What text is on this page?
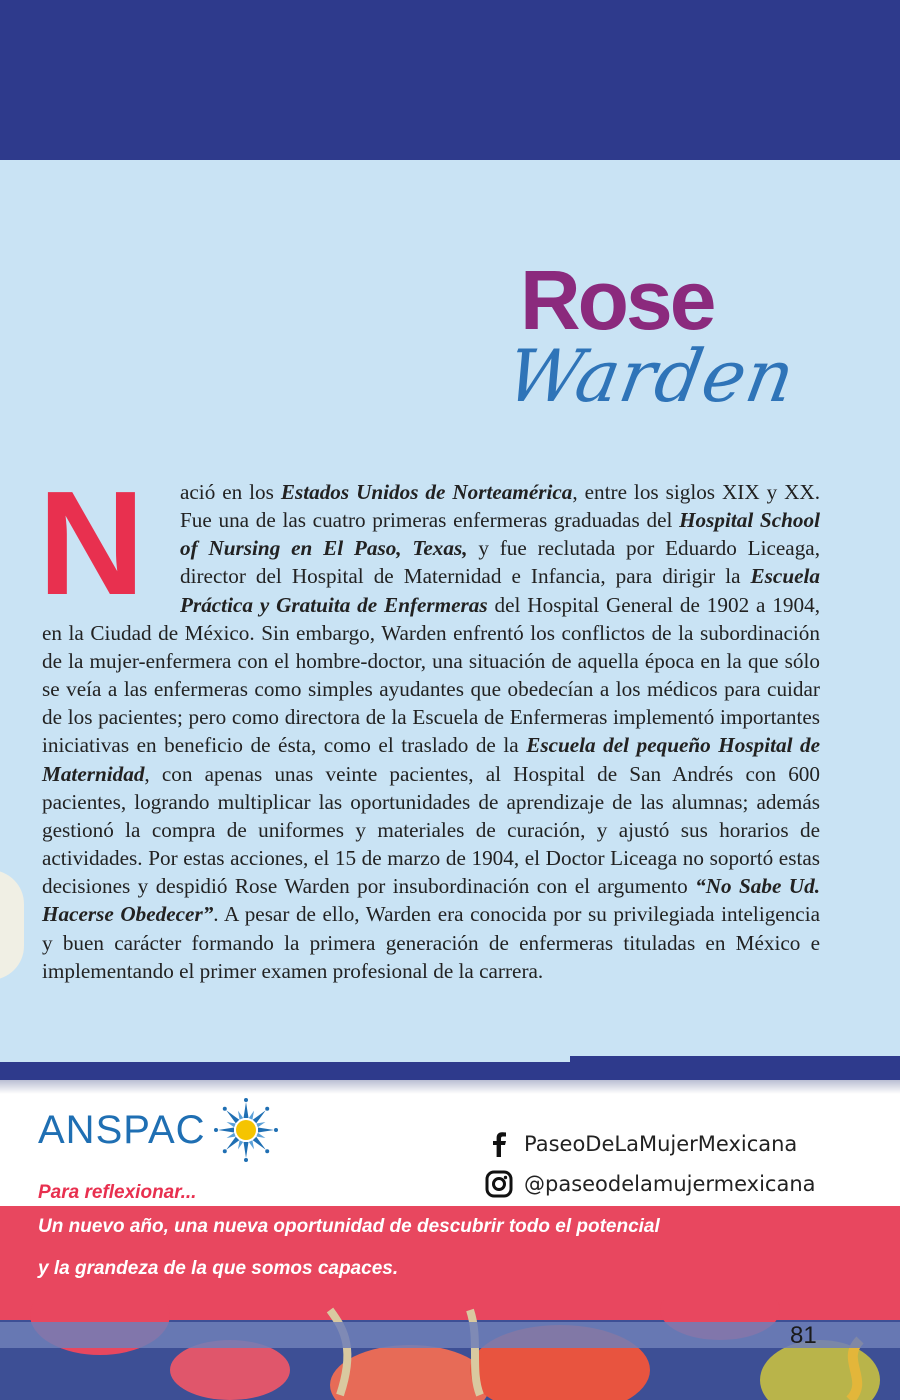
Rose
Warden
N	ació en los Estados Unidos de Norteamérica, entre los siglos XIX y XX. Fue una de las cuatro primeras enfermeras graduadas del Hospital School of Nursing en El Paso, Texas, y fue reclutada por Eduardo Liceaga, director del Hospital de Maternidad e Infancia, para dirigir la Escuela Práctica y Gratuita de Enfermeras del Hospital General de 1902 a 1904, en la Ciudad de México. Sin embargo, Warden enfrentó los conflictos de la subordinación de la mujer-enfermera con el hombre-doctor, una situación de aquella época en la que sólo se veía a las enfermeras como simples ayudantes que obedecían a los médicos para cuidar de los pacientes; pero como directora de la Escuela de Enfermeras implementó importantes iniciativas en beneficio de ésta, como el traslado de la Escuela del pequeño Hospital de Maternidad, con apenas unas veinte pacientes, al Hospital de San Andrés con 600 pacientes, logrando multiplicar las oportunidades de aprendizaje de las alumnas; además gestionó la compra de uniformes y materiales de curación, y ajustó sus horarios de actividades. Por estas acciones, el 15 de marzo de 1904, el Doctor Liceaga no soportó estas decisiones y despidió Rose Warden por insubordinación con el argumento “No Sabe Ud. Hacerse Obedecer”. A pesar de ello, Warden era conocida por su privilegiada inteligencia y buen carácter formando la primera generación de enfermeras tituladas en México e implementando el primer examen profesional de la carrera.
ANSPAC	PaseoDeLaMujerMexicana
@paseodelamujermexicana
Para reflexionar...
Un nuevo año, una nueva oportunidad de descubrir todo el potencial
y la grandeza de la que somos capaces.
81
